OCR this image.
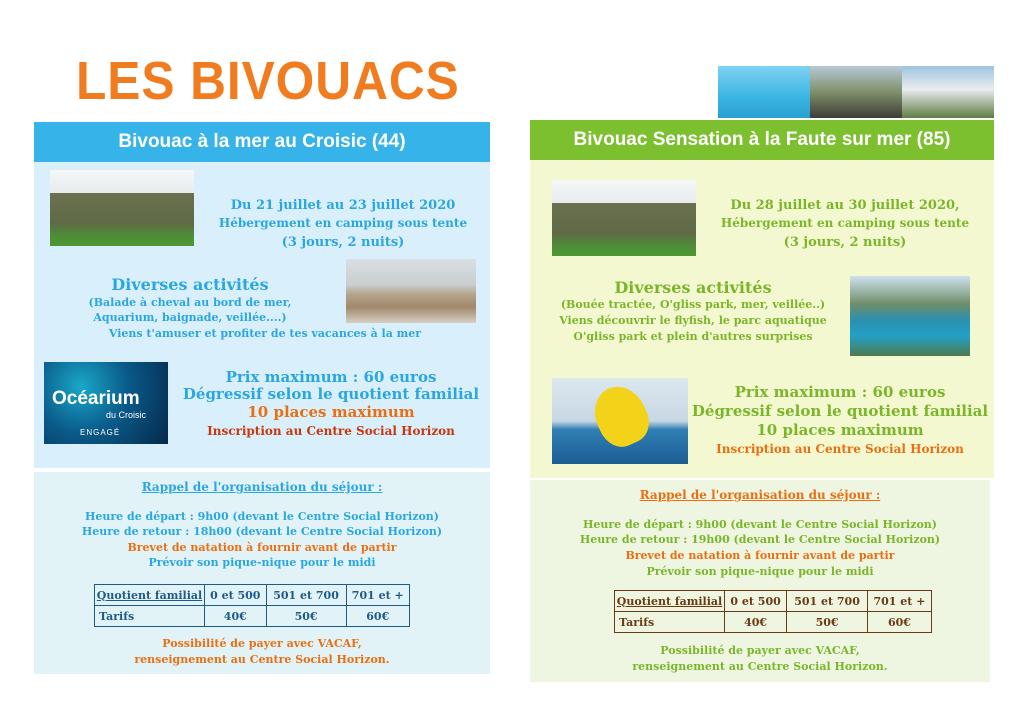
LES BIVOUACS
Bivouac à la mer au Croisic (44)
Du 21 juillet au 23 juillet 2020
Hébergement en camping sous tente
(3 jours, 2 nuits)
Diverses activités
(Balade à cheval au bord de mer,
Aquarium, baignade, veillée....)
Viens t'amuser et profiter de tes vacances à la mer
Océarium
du Croisic
ENGAGÉ
Prix maximum : 60 euros
Dégressif selon le quotient familial
10 places maximum
Inscription au Centre Social Horizon
Rappel de l'organisation du séjour :
Heure de départ : 9h00 (devant le Centre Social Horizon)
Heure de retour : 18h00 (devant le Centre Social Horizon)
Brevet de natation à fournir avant de partir
Prévoir son pique-nique pour le midi
Quotient familial	0 et 500	501 et 700	701 et +
Tarifs	40€	50€	60€
Possibilité de payer avec VACAF,
renseignement au Centre Social Horizon.
Bivouac Sensation à la Faute sur mer (85)
Du 28 juillet au 30 juillet 2020,
Hébergement en camping sous tente
(3 jours, 2 nuits)
Diverses activités
(Bouée tractée, O'gliss park, mer, veillée..)
Viens découvrir le flyfish, le parc aquatique
O'gliss park et plein d'autres surprises
Prix maximum : 60 euros
Dégressif selon le quotient familial
10 places maximum
Inscription au Centre Social Horizon
Rappel de l'organisation du séjour :
Heure de départ : 9h00 (devant le Centre Social Horizon)
Heure de retour : 19h00 (devant le Centre Social Horizon)
Brevet de natation à fournir avant de partir
Prévoir son pique-nique pour le midi
Quotient familial	0 et 500	501 et 700	701 et +
Tarifs	40€	50€	60€
Possibilité de payer avec VACAF,
renseignement au Centre Social Horizon.
